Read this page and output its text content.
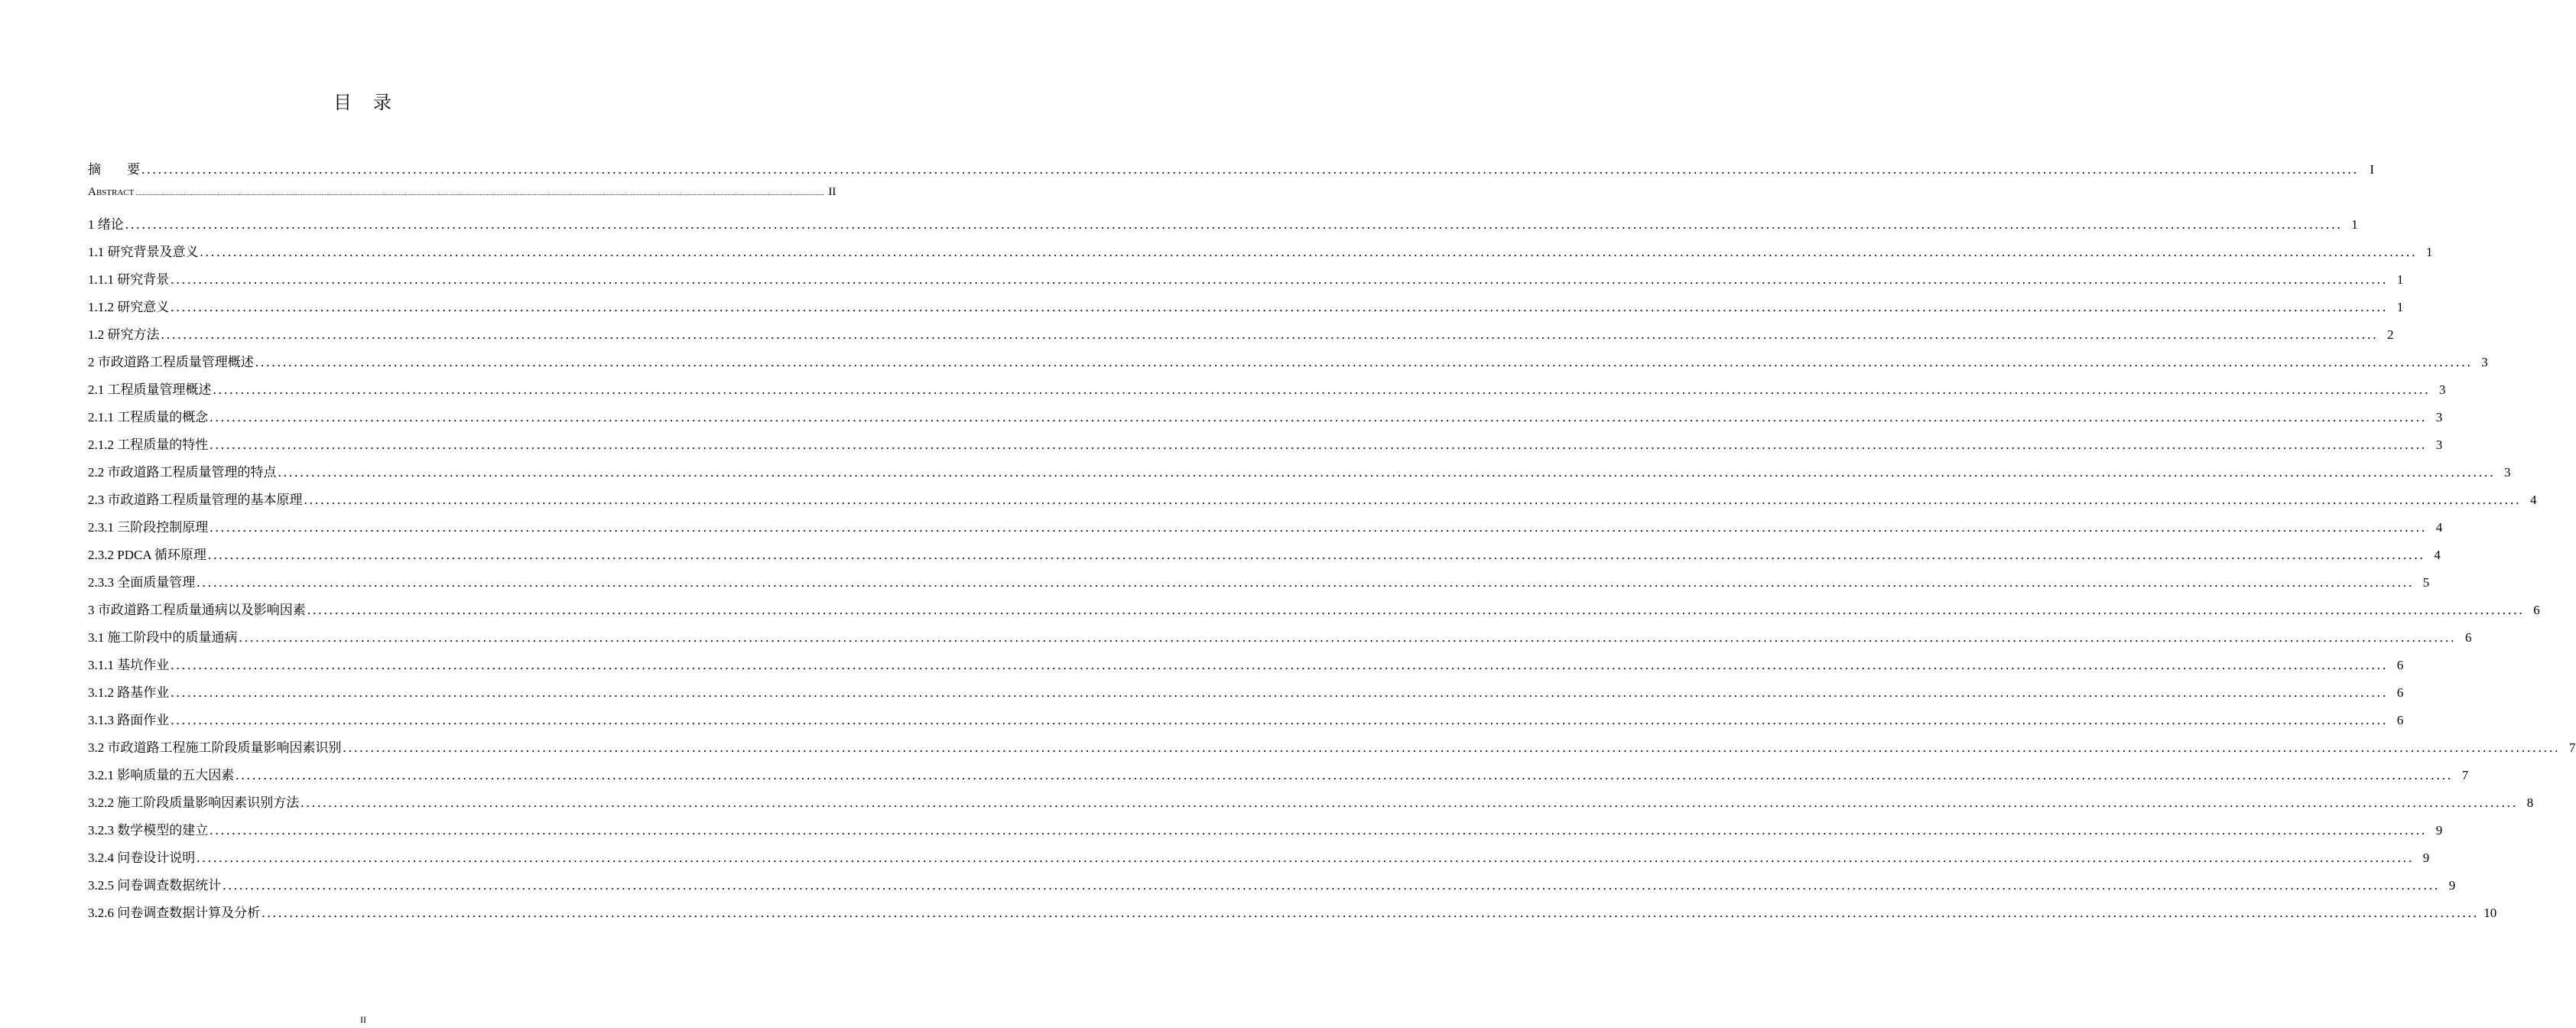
目　录
摘　　要 ................................................................................................................................................................................................................................................................................................................................................................................................................ I
Abstract ................................................................................................................................................................................................................................................................................................................................................................................................................ II
1 绪论 ................................................................................................................................................................................................................................................................................................................................................................................................................ 1
1.1 研究背景及意义 ................................................................................................................................................................................................................................................................................................................................................................................................................ 1
1.1.1 研究背景 ................................................................................................................................................................................................................................................................................................................................................................................................................ 1
1.1.2 研究意义 ................................................................................................................................................................................................................................................................................................................................................................................................................ 1
1.2 研究方法 ................................................................................................................................................................................................................................................................................................................................................................................................................ 2
2 市政道路工程质量管理概述 ................................................................................................................................................................................................................................................................................................................................................................................................................ 3
2.1 工程质量管理概述 ................................................................................................................................................................................................................................................................................................................................................................................................................ 3
2.1.1 工程质量的概念 ................................................................................................................................................................................................................................................................................................................................................................................................................ 3
2.1.2 工程质量的特性 ................................................................................................................................................................................................................................................................................................................................................................................................................ 3
2.2 市政道路工程质量管理的特点 ................................................................................................................................................................................................................................................................................................................................................................................................................ 3
2.3 市政道路工程质量管理的基本原理 ................................................................................................................................................................................................................................................................................................................................................................................................................ 4
2.3.1 三阶段控制原理 ................................................................................................................................................................................................................................................................................................................................................................................................................ 4
2.3.2 PDCA 循环原理 ................................................................................................................................................................................................................................................................................................................................................................................................................ 4
2.3.3 全面质量管理 ................................................................................................................................................................................................................................................................................................................................................................................................................ 5
3 市政道路工程质量通病以及影响因素 ................................................................................................................................................................................................................................................................................................................................................................................................................ 6
3.1 施工阶段中的质量通病 ................................................................................................................................................................................................................................................................................................................................................................................................................ 6
3.1.1 基坑作业 ................................................................................................................................................................................................................................................................................................................................................................................................................ 6
3.1.2 路基作业 ................................................................................................................................................................................................................................................................................................................................................................................................................ 6
3.1.3 路面作业 ................................................................................................................................................................................................................................................................................................................................................................................................................ 6
3.2 市政道路工程施工阶段质量影响因素识别 ................................................................................................................................................................................................................................................................................................................................................................................................................ 7
3.2.1 影响质量的五大因素 ................................................................................................................................................................................................................................................................................................................................................................................................................ 7
3.2.2 施工阶段质量影响因素识别方法 ................................................................................................................................................................................................................................................................................................................................................................................................................ 8
3.2.3 数学模型的建立 ................................................................................................................................................................................................................................................................................................................................................................................................................ 9
3.2.4 问卷设计说明 ................................................................................................................................................................................................................................................................................................................................................................................................................ 9
3.2.5 问卷调查数据统计 ................................................................................................................................................................................................................................................................................................................................................................................................................ 9
3.2.6 问卷调查数据计算及分析 ................................................................................................................................................................................................................................................................................................................................................................................................................ 10
II
